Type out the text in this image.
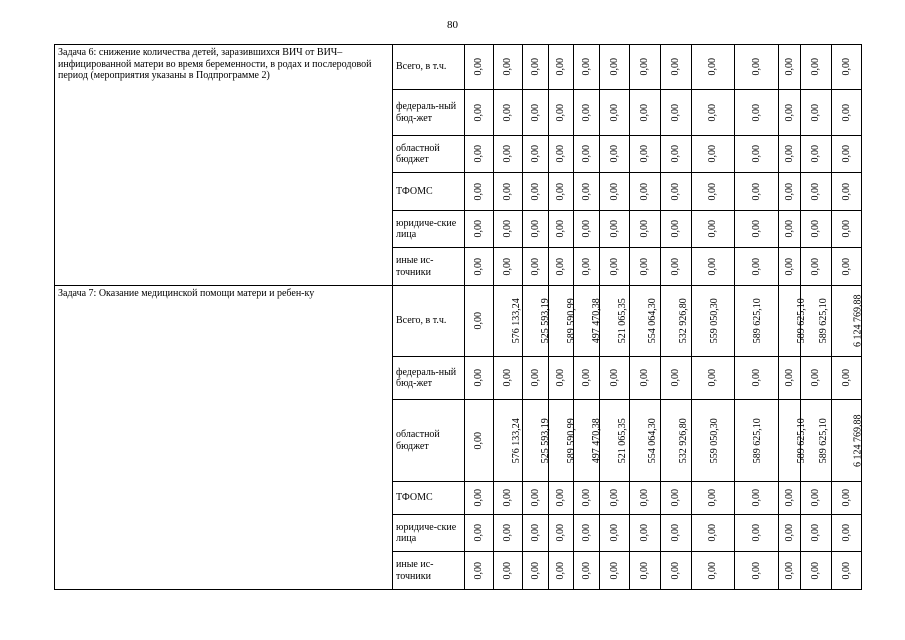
80
Задача 6: снижение количества детей, заразившихся ВИЧ от ВИЧ–инфицированной матери во время беременности, в родах и послеродовой период (мероприятия указаны в Подпрограмме 2)	Всего, в т.ч.	0,00	0,00	0,00	0,00	0,00	0,00	0,00	0,00	0,00	0,00	0,00	0,00	0,00
	федераль-ный бюд-жет	0,00	0,00	0,00	0,00	0,00	0,00	0,00	0,00	0,00	0,00	0,00	0,00	0,00
	областной бюджет	0,00	0,00	0,00	0,00	0,00	0,00	0,00	0,00	0,00	0,00	0,00	0,00	0,00
	ТФОМС	0,00	0,00	0,00	0,00	0,00	0,00	0,00	0,00	0,00	0,00	0,00	0,00	0,00
	юридиче-ские лица	0,00	0,00	0,00	0,00	0,00	0,00	0,00	0,00	0,00	0,00	0,00	0,00	0,00
	иные ис-точники	0,00	0,00	0,00	0,00	0,00	0,00	0,00	0,00	0,00	0,00	0,00	0,00	0,00
Задача 7: Оказание медицинской помощи матери и ребен-ку	Всего, в т.ч.	0,00	576 133,24	525 593,19	589 590,99	497 470,38	521 065,35	554 064,30	532 926,80	559 050,30	589 625,10	589 625,10	589 625,10	6 124 769,88
	федераль-ный бюд-жет	0,00	0,00	0,00	0,00	0,00	0,00	0,00	0,00	0,00	0,00	0,00	0,00	0,00
	областной бюджет	0,00	576 133,24	525 593,19	589 590,99	497 470,38	521 065,35	554 064,30	532 926,80	559 050,30	589 625,10	589 625,10	589 625,10	6 124 769,88
	ТФОМС	0,00	0,00	0,00	0,00	0,00	0,00	0,00	0,00	0,00	0,00	0,00	0,00	0,00
	юридиче-ские лица	0,00	0,00	0,00	0,00	0,00	0,00	0,00	0,00	0,00	0,00	0,00	0,00	0,00
	иные ис-точники	0,00	0,00	0,00	0,00	0,00	0,00	0,00	0,00	0,00	0,00	0,00	0,00	0,00
